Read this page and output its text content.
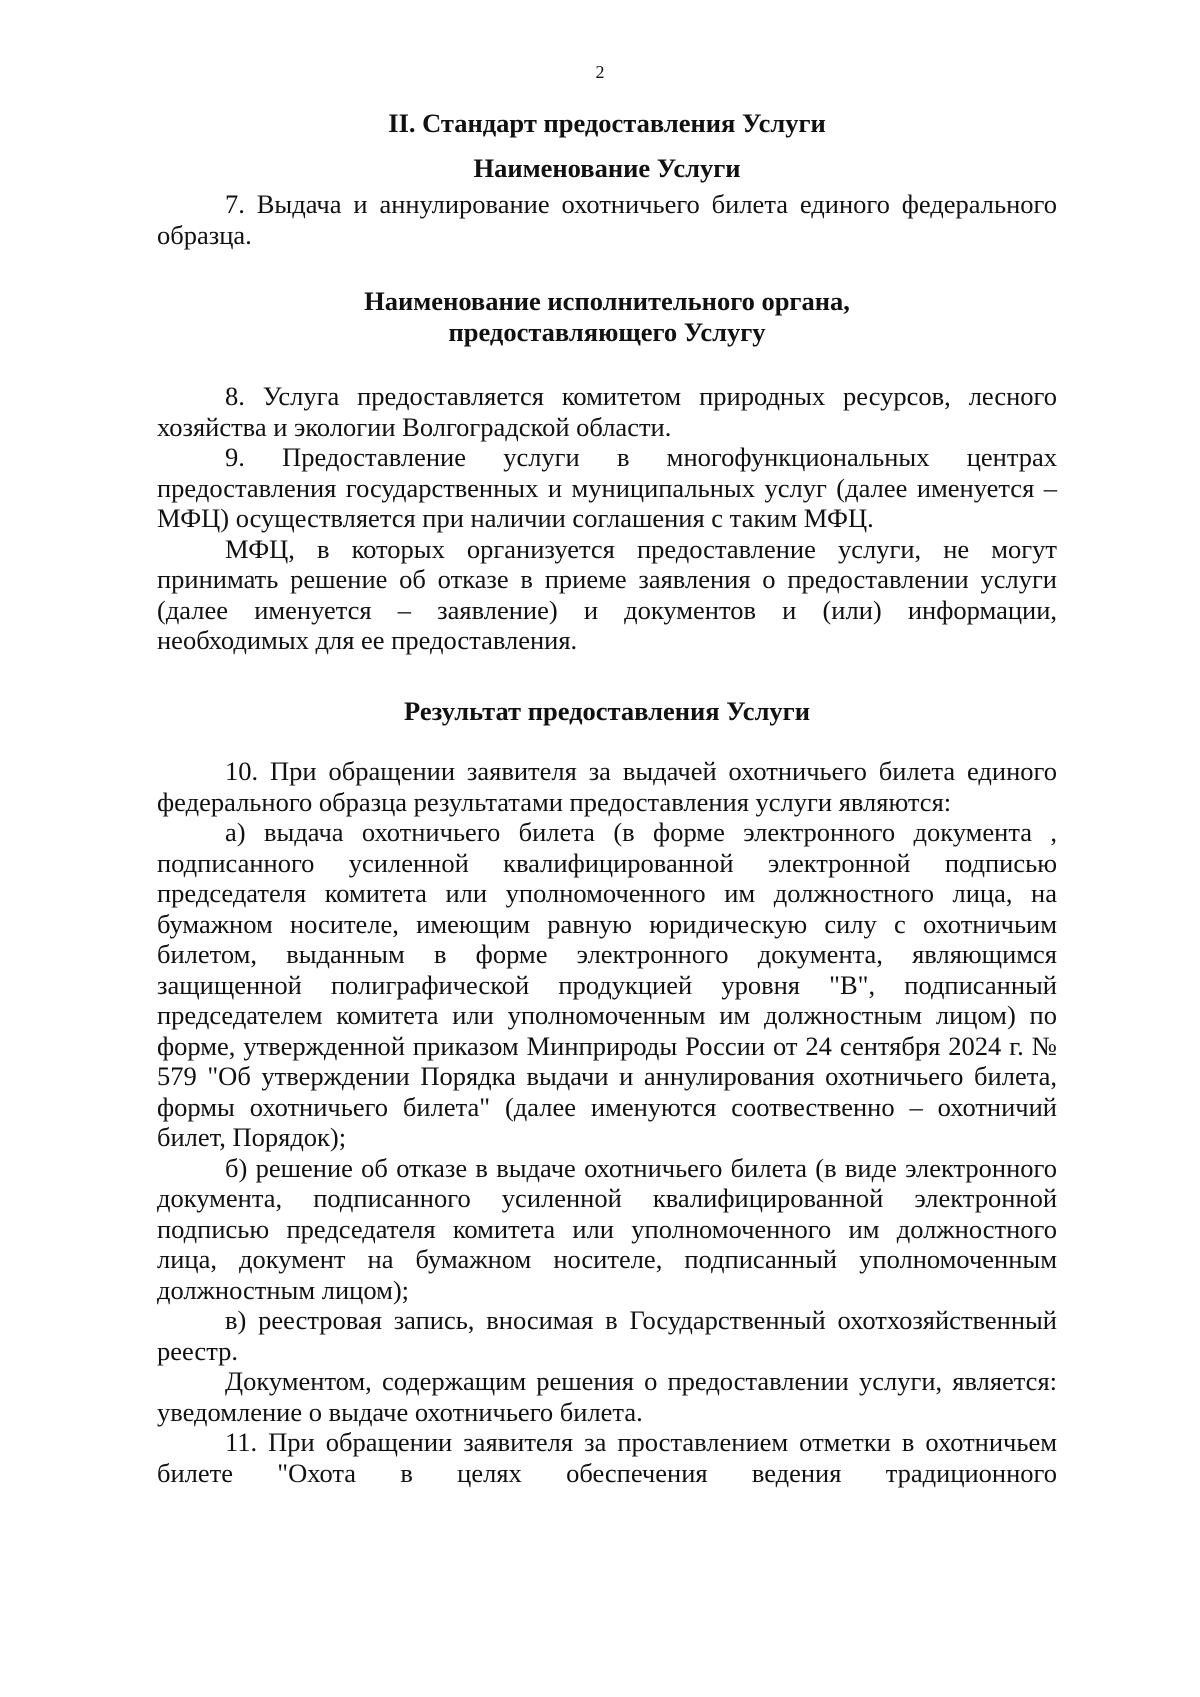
2
II. Стандарт предоставления Услуги
Наименование Услуги

7. Выдача и аннулирование охотничьего билета единого федерального образца.

Наименование исполнительного органа,
предоставляющего Услугу

8. Услуга предоставляется комитетом природных ресурсов, лесного хозяйства и экологии Волгоградской области.

9. Предоставление услуги в многофункциональных центрах предоставления государственных и муниципальных услуг (далее именуется – МФЦ) осуществляется при наличии соглашения с таким МФЦ.

МФЦ, в которых организуется предоставление услуги, не могут принимать решение об отказе в приеме заявления о предоставлении услуги (далее именуется – заявление) и документов и (или) информации, необходимых для ее предоставления.

Результат предоставления Услуги

10. При обращении заявителя за выдачей охотничьего билета единого федерального образца результатами предоставления услуги являются:

а) выдача охотничьего билета (в форме электронного документа , подписанного усиленной квалифицированной электронной подписью председателя комитета или уполномоченного им должностного лица, на бумажном носителе, имеющим равную юридическую силу с охотничьим билетом, выданным в форме электронного документа, являющимся защищенной полиграфической продукцией уровня "В", подписанный председателем комитета или уполномоченным им должностным лицом) по форме, утвержденной приказом Минприроды России от 24 сентября 2024 г. № 579 "Об утверждении Порядка выдачи и аннулирования охотничьего билета, формы охотничьего билета" (далее именуются соотвественно – охотничий билет, Порядок);

б) решение об отказе в выдаче охотничьего билета (в виде электронного документа, подписанного усиленной квалифицированной электронной подписью председателя комитета или уполномоченного им должностного лица, документ на бумажном носителе, подписанный уполномоченным должностным лицом);

в) реестровая запись, вносимая в Государственный охотхозяйственный реестр.

Документом, содержащим решения о предоставлении услуги, является: уведомление о выдаче охотничьего билета.

11. При обращении заявителя за проставлением отметки в охотничьем билете "Охота в целях обеспечения ведения традиционного
